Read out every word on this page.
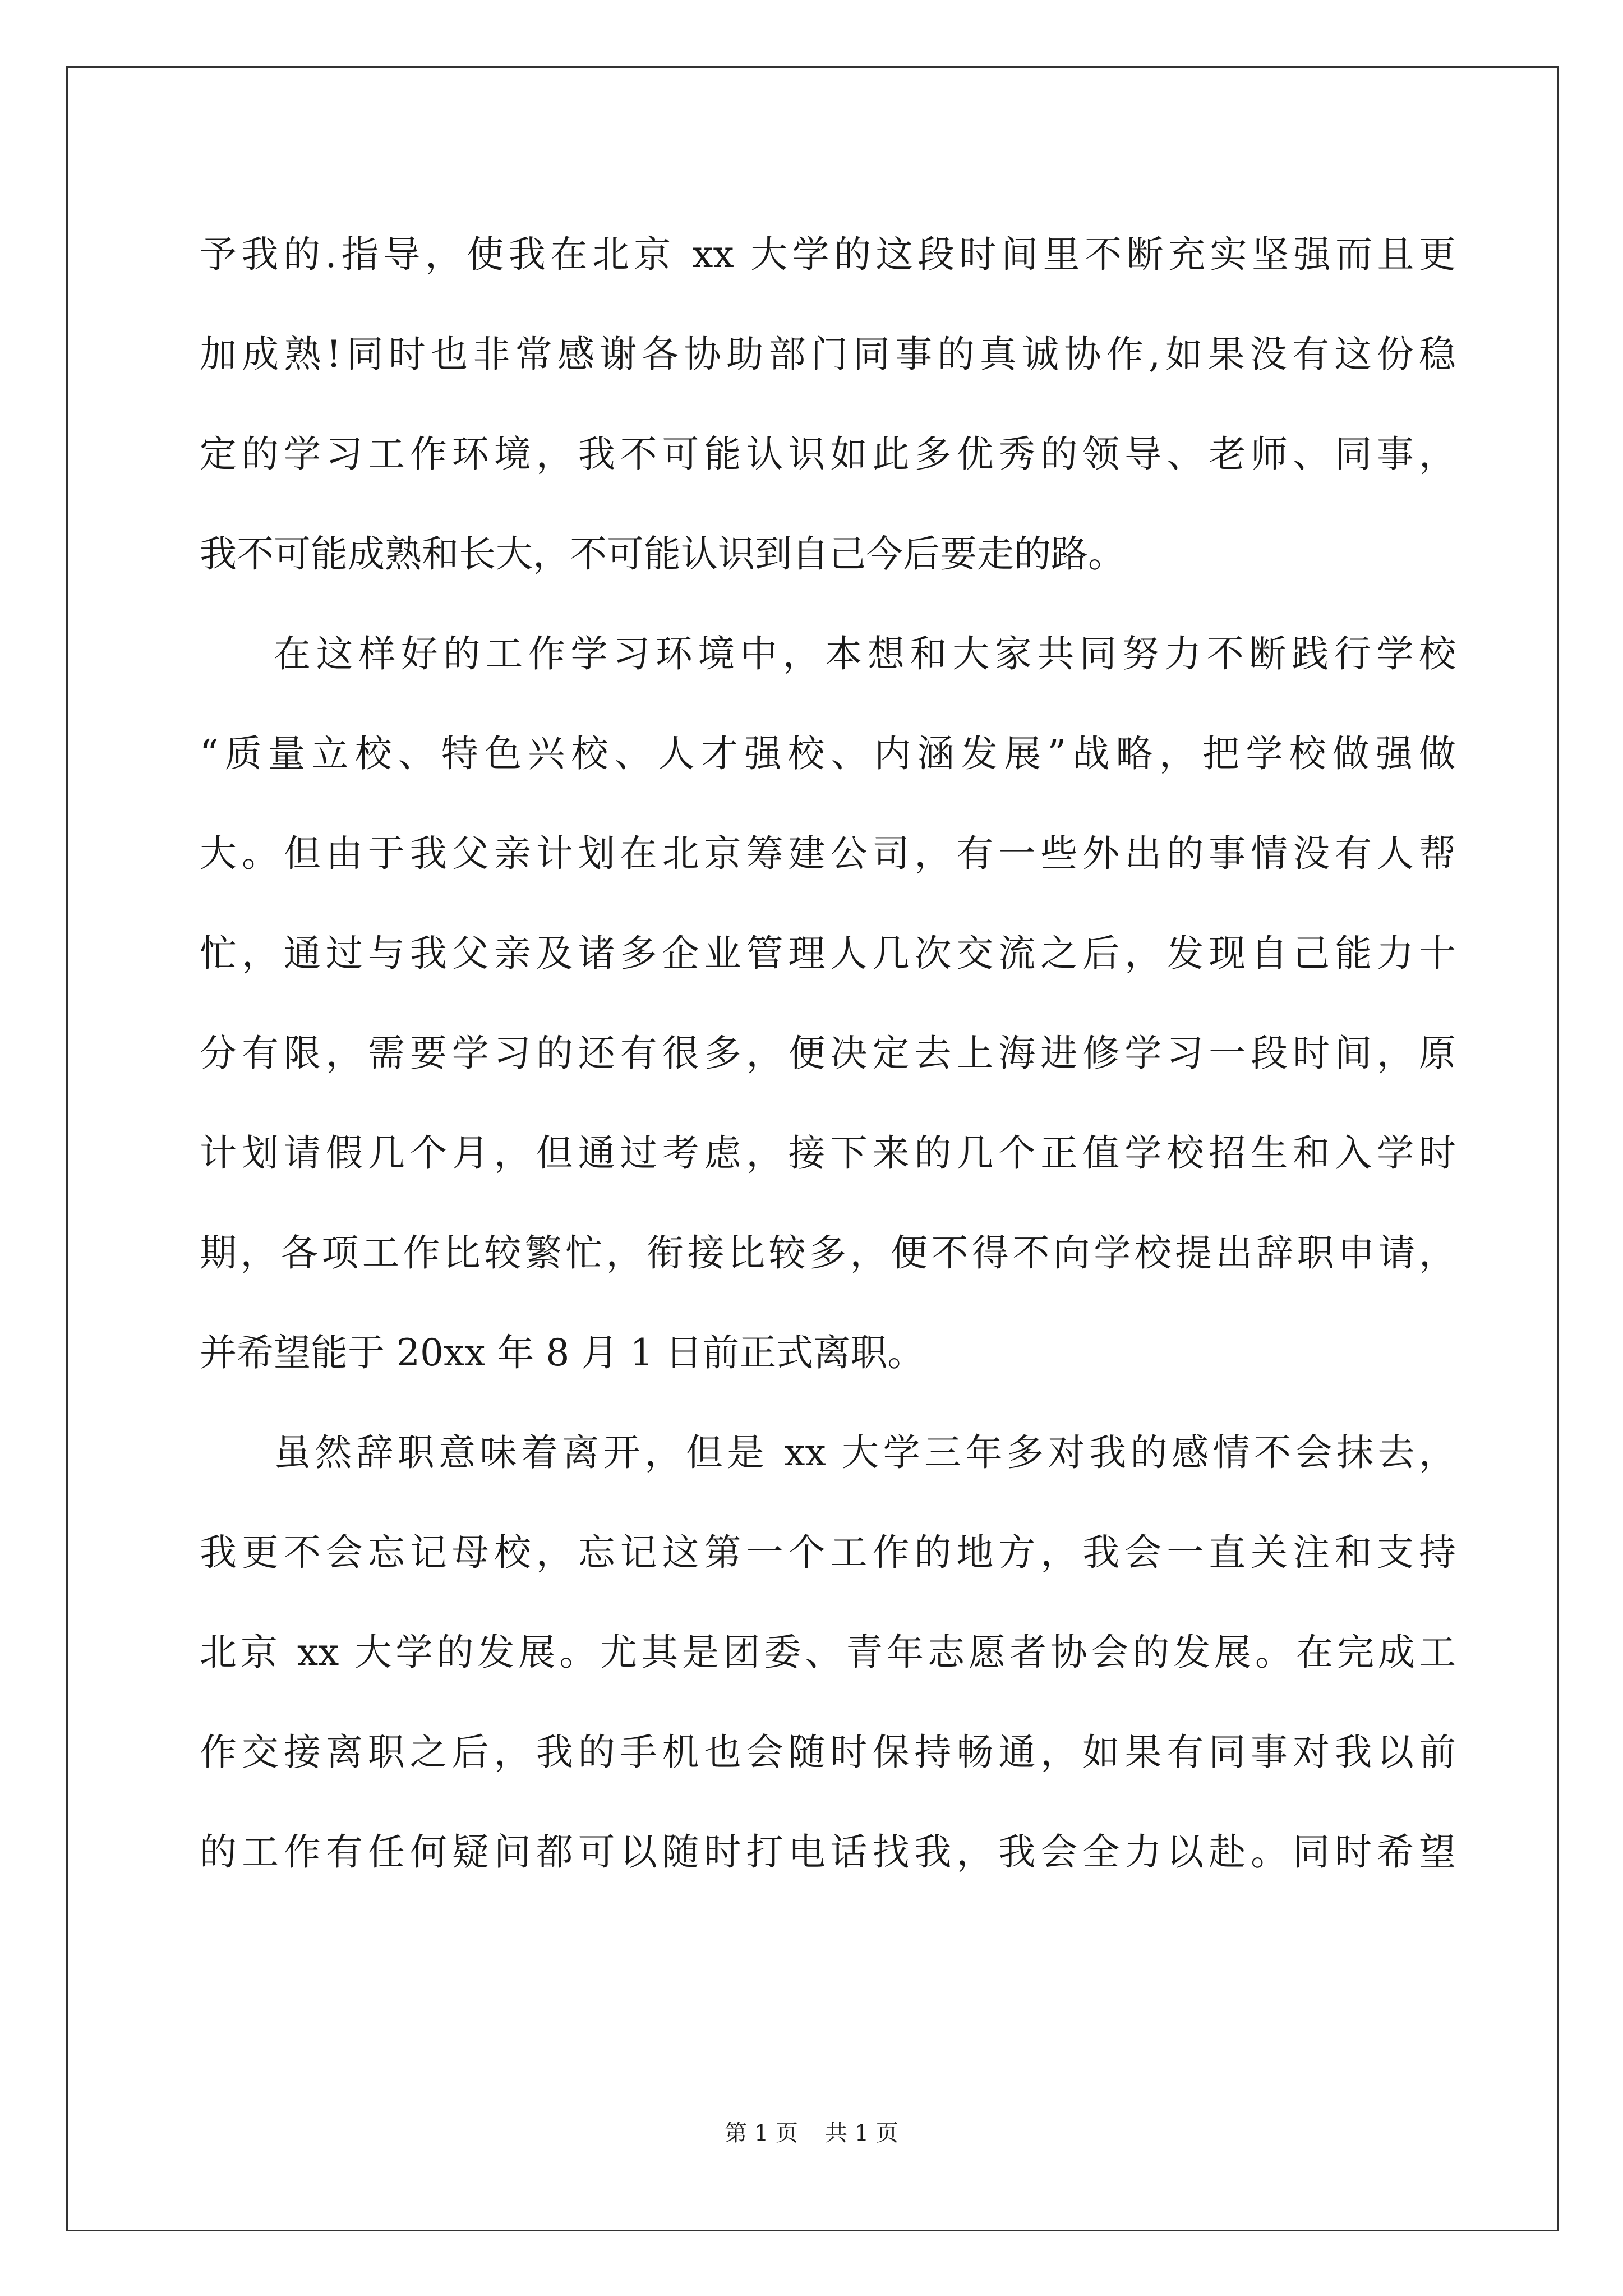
予我的.指导，使我在北京 xx 大学的这段时间里不断充实坚强而且更
加成熟!同时也非常感谢各协助部门同事的真诚协作,如果没有这份稳
定的学习工作环境，我不可能认识如此多优秀的领导、老师、同事，
我不可能成熟和长大，不可能认识到自己今后要走的路。
在这样好的工作学习环境中，本想和大家共同努力不断践行学校
“质量立校、特色兴校、人才强校、内涵发展”战略，把学校做强做
大。但由于我父亲计划在北京筹建公司，有一些外出的事情没有人帮
忙，通过与我父亲及诸多企业管理人几次交流之后，发现自己能力十
分有限，需要学习的还有很多，便决定去上海进修学习一段时间，原
计划请假几个月，但通过考虑，接下来的几个正值学校招生和入学时
期，各项工作比较繁忙，衔接比较多，便不得不向学校提出辞职申请，
并希望能于 20xx 年 8 月 1 日前正式离职。
虽然辞职意味着离开，但是 xx 大学三年多对我的感情不会抹去，
我更不会忘记母校，忘记这第一个工作的地方，我会一直关注和支持
北京 xx 大学的发展。尤其是团委、青年志愿者协会的发展。在完成工
作交接离职之后，我的手机也会随时保持畅通，如果有同事对我以前
的工作有任何疑问都可以随时打电话找我，我会全力以赴。同时希望
第 1 页 共 1 页
